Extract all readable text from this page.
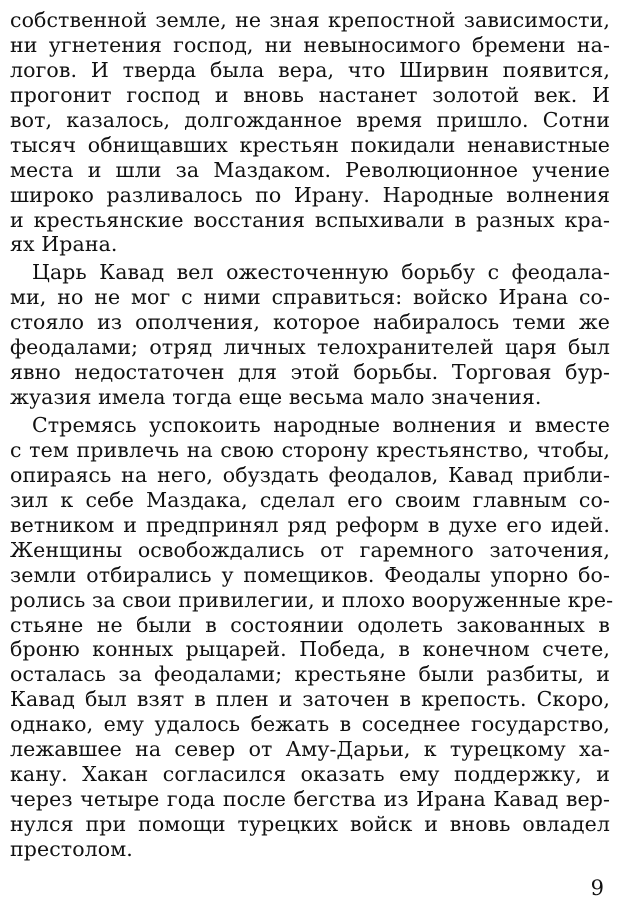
собственной земле, не зная крепостной зависимости,
ни угнетения господ, ни невыносимого бремени на-
логов. И тверда была вера, что Ширвин появится,
прогонит господ и вновь настанет золотой век. И
вот, казалось, долгожданное время пришло. Сотни
тысяч обнищавших крестьян покидали ненавистные
места и шли за Маздаком. Революционное учение
широко разливалось по Ирану. Народные волнения
и крестьянские восстания вспыхивали в разных кра-
ях Ирана.
Царь Кавад вел ожесточенную борьбу с феодала-
ми, но не мог с ними справиться: войско Ирана со-
стояло из ополчения, которое набиралось теми же
феодалами; отряд личных телохранителей царя был
явно недостаточен для этой борьбы. Торговая бур-
жуазия имела тогда еще весьма мало значения.
Стремясь успокоить народные волнения и вместе
с тем привлечь на свою сторону крестьянство, чтобы,
опираясь на него, обуздать феодалов, Кавад прибли-
зил к себе Маздака, сделал его своим главным со-
ветником и предпринял ряд реформ в духе его идей.
Женщины освобождались от гаремного заточения,
земли отбирались у помещиков. Феодалы упорно бо-
ролись за свои привилегии, и плохо вооруженные кре-
стьяне не были в состоянии одолеть закованных в
броню конных рыцарей. Победа, в конечном счете,
осталась за феодалами; крестьяне были разбиты, и
Кавад был взят в плен и заточен в крепость. Скоро,
однако, ему удалось бежать в соседнее государство,
лежавшее на север от Аму-Дарьи, к турецкому ха-
кану. Хакан согласился оказать ему поддержку, и
через четыре года после бегства из Ирана Кавад вер-
нулся при помощи турецких войск и вновь овладел
престолом.
9
